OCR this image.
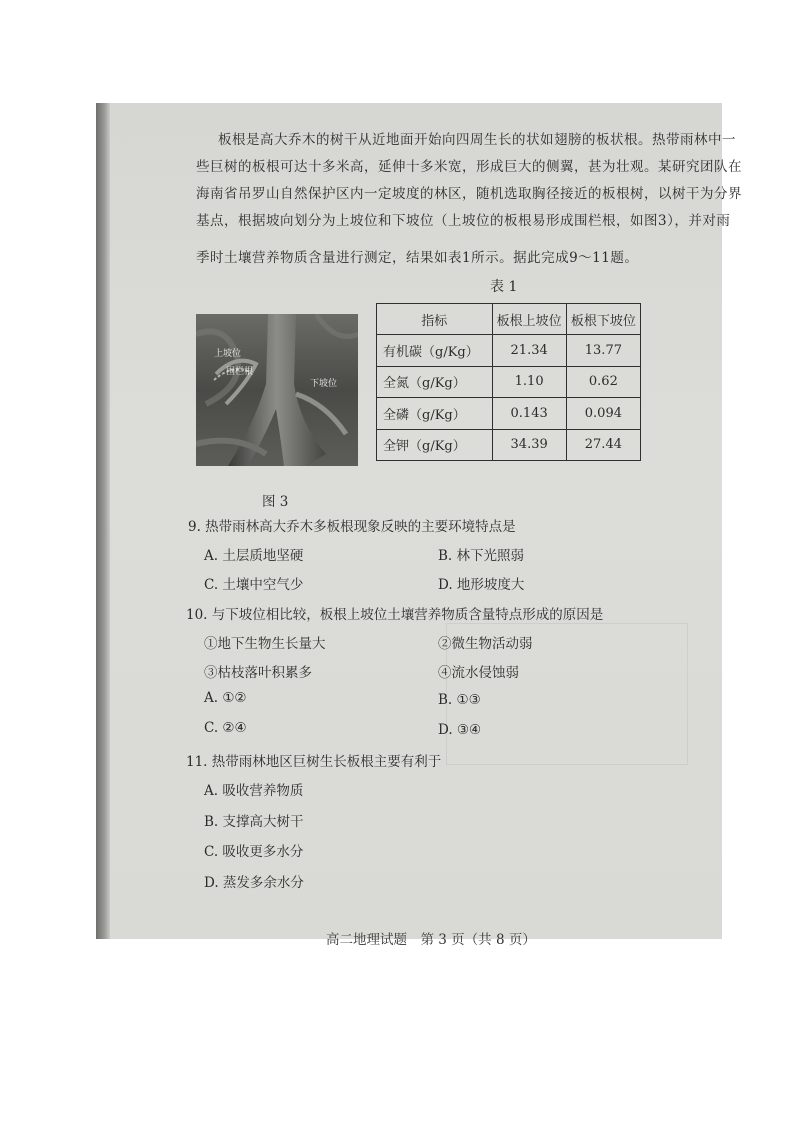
板根是高大乔木的树干从近地面开始向四周生长的状如翅膀的板状根。热带雨林中一
些巨树的板根可达十多米高，延伸十多米宽，形成巨大的侧翼，甚为壮观。某研究团队在
海南省吊罗山自然保护区内一定坡度的林区，随机选取胸径接近的板根树，以树干为分界
基点，根据坡向划分为上坡位和下坡位（上坡位的板根易形成围栏根，如图3），并对雨
季时土壤营养物质含量进行测定，结果如表1所示。据此完成9～11题。
表 1
上坡位
围栏根
下坡位
指标	板根上坡位	板根下坡位
有机碳（g/Kg）	21.34	13.77
全氮（g/Kg）	1.10	0.62
全磷（g/Kg）	0.143	0.094
全钾（g/Kg）	34.39	27.44
图 3
9. 热带雨林高大乔木多板根现象反映的主要环境特点是
A. 土层质地坚硬	B. 林下光照弱
C. 土壤中空气少	D. 地形坡度大
10. 与下坡位相比较，板根上坡位土壤营养物质含量特点形成的原因是
①地下生物生长量大	②微生物活动弱
③枯枝落叶积累多	④流水侵蚀弱
A. ①②	B. ①③
C. ②④	D. ③④
11. 热带雨林地区巨树生长板根主要有利于
A. 吸收营养物质
B. 支撑高大树干
C. 吸收更多水分
D. 蒸发多余水分
高二地理试题　第 3 页（共 8 页）
